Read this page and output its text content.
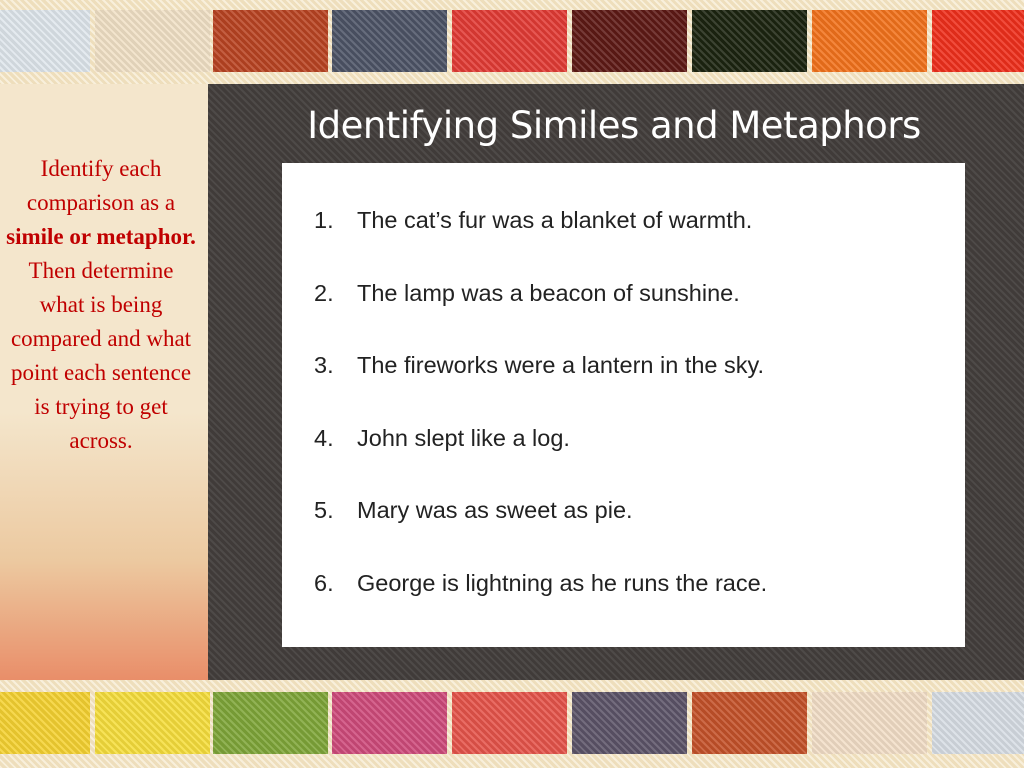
Identifying Similes and Metaphors
Identify each comparison as a simile or metaphor. Then determine what is being compared and what point each sentence is trying to get across.
1. The cat’s fur was a blanket of warmth.
2. The lamp was a beacon of sunshine.
3. The fireworks were a lantern in the sky.
4. John slept like a log.
5. Mary was as sweet as pie.
6. George is lightning as he runs the race.
